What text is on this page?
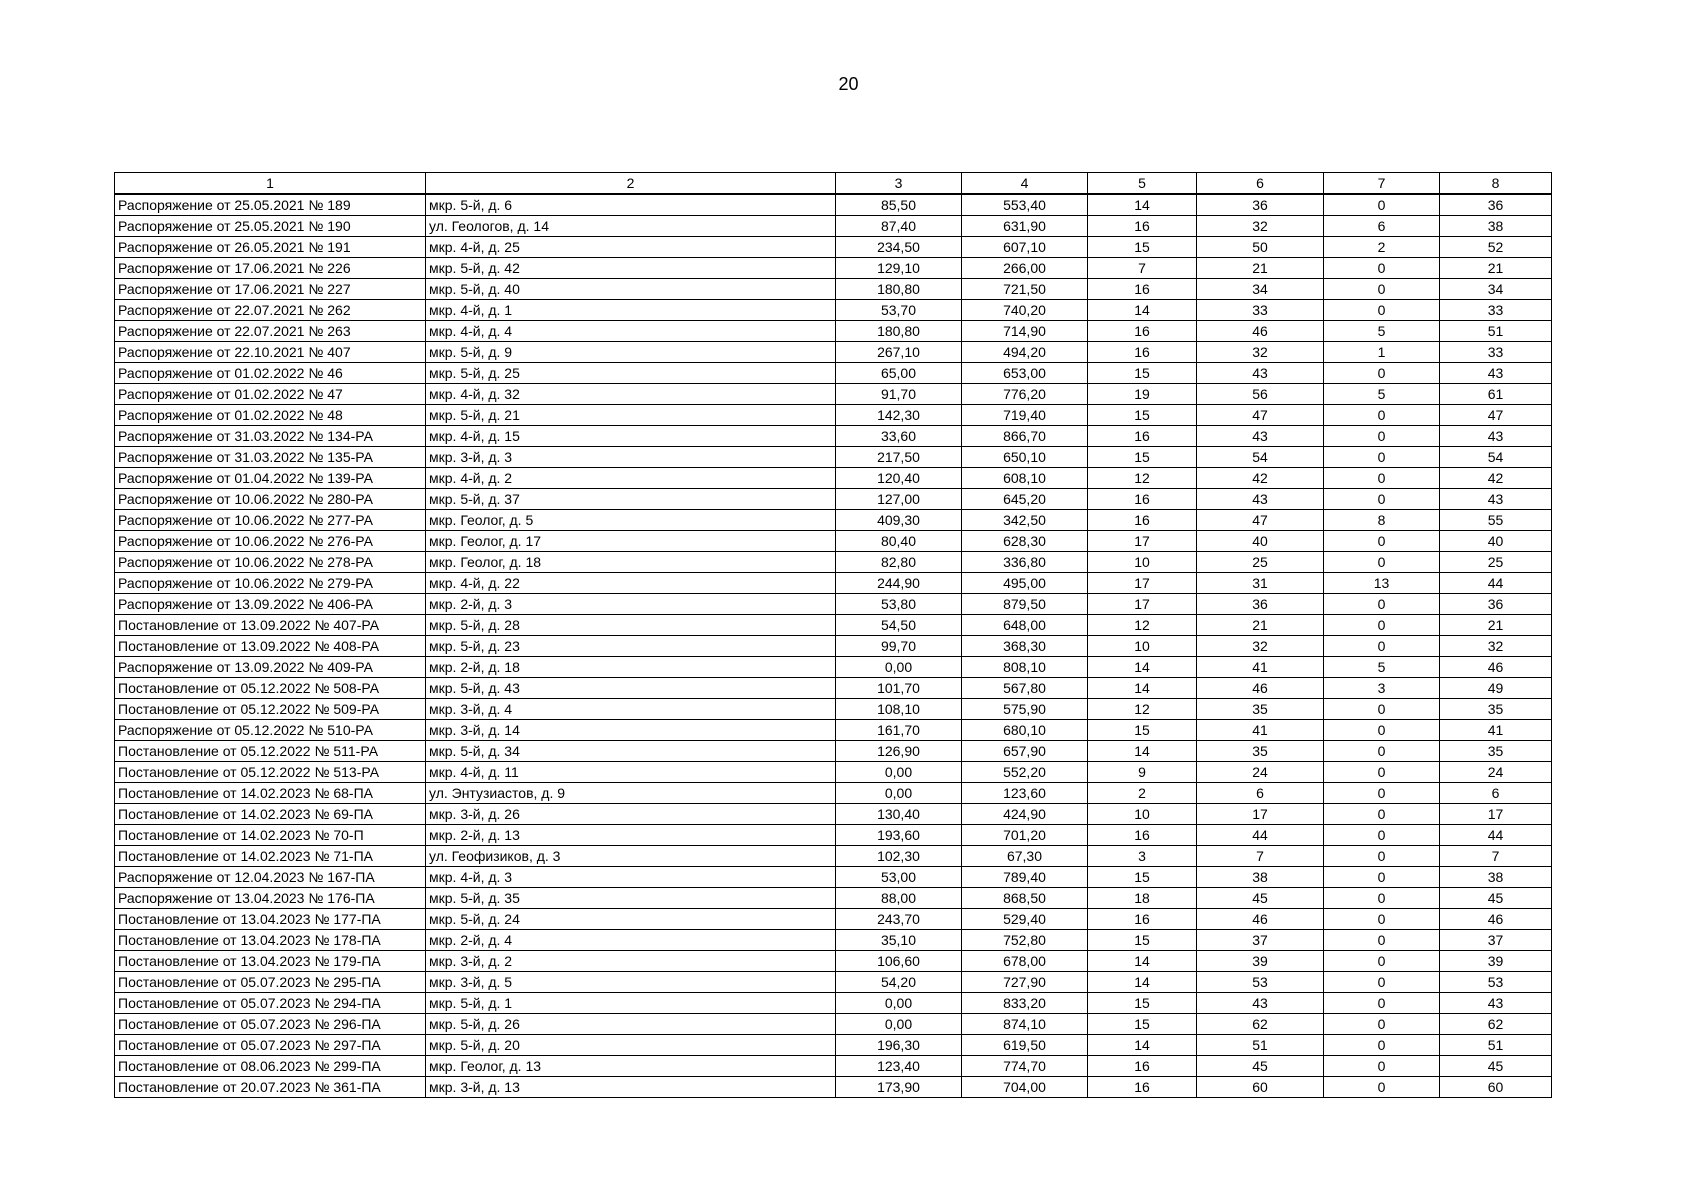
20
1	2	3	4	5	6	7	8
Распоряжение от 25.05.2021 № 189	мкр. 5-й, д. 6	85,50	553,40	14	36	0	36
Распоряжение от 25.05.2021 № 190	ул. Геологов, д. 14	87,40	631,90	16	32	6	38
Распоряжение от 26.05.2021 № 191	мкр. 4-й, д. 25	234,50	607,10	15	50	2	52
Распоряжение от 17.06.2021 № 226	мкр. 5-й, д. 42	129,10	266,00	7	21	0	21
Распоряжение от 17.06.2021 № 227	мкр. 5-й, д. 40	180,80	721,50	16	34	0	34
Распоряжение от 22.07.2021 № 262	мкр. 4-й, д. 1	53,70	740,20	14	33	0	33
Распоряжение от 22.07.2021 № 263	мкр. 4-й, д. 4	180,80	714,90	16	46	5	51
Распоряжение от 22.10.2021 № 407	мкр. 5-й, д. 9	267,10	494,20	16	32	1	33
Распоряжение от 01.02.2022 № 46	мкр. 5-й, д. 25	65,00	653,00	15	43	0	43
Распоряжение от 01.02.2022 № 47	мкр. 4-й, д. 32	91,70	776,20	19	56	5	61
Распоряжение от 01.02.2022 № 48	мкр. 5-й, д. 21	142,30	719,40	15	47	0	47
Распоряжение от 31.03.2022 № 134-РА	мкр. 4-й, д. 15	33,60	866,70	16	43	0	43
Распоряжение от 31.03.2022 № 135-РА	мкр. 3-й, д. 3	217,50	650,10	15	54	0	54
Распоряжение от 01.04.2022 № 139-РА	мкр. 4-й, д. 2	120,40	608,10	12	42	0	42
Распоряжение от 10.06.2022 № 280-РА	мкр. 5-й, д. 37	127,00	645,20	16	43	0	43
Распоряжение от 10.06.2022 № 277-РА	мкр. Геолог, д. 5	409,30	342,50	16	47	8	55
Распоряжение от 10.06.2022 № 276-РА	мкр. Геолог, д. 17	80,40	628,30	17	40	0	40
Распоряжение от 10.06.2022 № 278-РА	мкр. Геолог, д. 18	82,80	336,80	10	25	0	25
Распоряжение от 10.06.2022 № 279-РА	мкр. 4-й, д. 22	244,90	495,00	17	31	13	44
Распоряжение от 13.09.2022 № 406-РА	мкр. 2-й, д. 3	53,80	879,50	17	36	0	36
Постановление от 13.09.2022 № 407-РА	мкр. 5-й, д. 28	54,50	648,00	12	21	0	21
Постановление от 13.09.2022 № 408-РА	мкр. 5-й, д. 23	99,70	368,30	10	32	0	32
Распоряжение от 13.09.2022 № 409-РА	мкр. 2-й, д. 18	0,00	808,10	14	41	5	46
Постановление от 05.12.2022 № 508-РА	мкр. 5-й, д. 43	101,70	567,80	14	46	3	49
Постановление от 05.12.2022 № 509-РА	мкр. 3-й, д. 4	108,10	575,90	12	35	0	35
Распоряжение от 05.12.2022 № 510-РА	мкр. 3-й, д. 14	161,70	680,10	15	41	0	41
Постановление от 05.12.2022 № 511-РА	мкр. 5-й, д. 34	126,90	657,90	14	35	0	35
Постановление от 05.12.2022 № 513-РА	мкр. 4-й, д. 11	0,00	552,20	9	24	0	24
Постановление от 14.02.2023 № 68-ПА	ул. Энтузиастов, д. 9	0,00	123,60	2	6	0	6
Постановление от 14.02.2023 № 69-ПА	мкр. 3-й, д. 26	130,40	424,90	10	17	0	17
Постановление от 14.02.2023 № 70-П	мкр. 2-й, д. 13	193,60	701,20	16	44	0	44
Постановление от 14.02.2023 № 71-ПА	ул. Геофизиков, д. 3	102,30	67,30	3	7	0	7
Распоряжение от 12.04.2023 № 167-ПА	мкр. 4-й, д. 3	53,00	789,40	15	38	0	38
Распоряжение от 13.04.2023 № 176-ПА	мкр. 5-й, д. 35	88,00	868,50	18	45	0	45
Постановление от 13.04.2023 № 177-ПА	мкр. 5-й, д. 24	243,70	529,40	16	46	0	46
Постановление от 13.04.2023 № 178-ПА	мкр. 2-й, д. 4	35,10	752,80	15	37	0	37
Постановление от 13.04.2023 № 179-ПА	мкр. 3-й, д. 2	106,60	678,00	14	39	0	39
Постановление от 05.07.2023 № 295-ПА	мкр. 3-й, д. 5	54,20	727,90	14	53	0	53
Постановление от 05.07.2023 № 294-ПА	мкр. 5-й, д. 1	0,00	833,20	15	43	0	43
Постановление от 05.07.2023 № 296-ПА	мкр. 5-й, д. 26	0,00	874,10	15	62	0	62
Постановление от 05.07.2023 № 297-ПА	мкр. 5-й, д. 20	196,30	619,50	14	51	0	51
Постановление от 08.06.2023 № 299-ПА	мкр. Геолог, д. 13	123,40	774,70	16	45	0	45
Постановление от 20.07.2023 № 361-ПА	мкр. 3-й, д. 13	173,90	704,00	16	60	0	60
